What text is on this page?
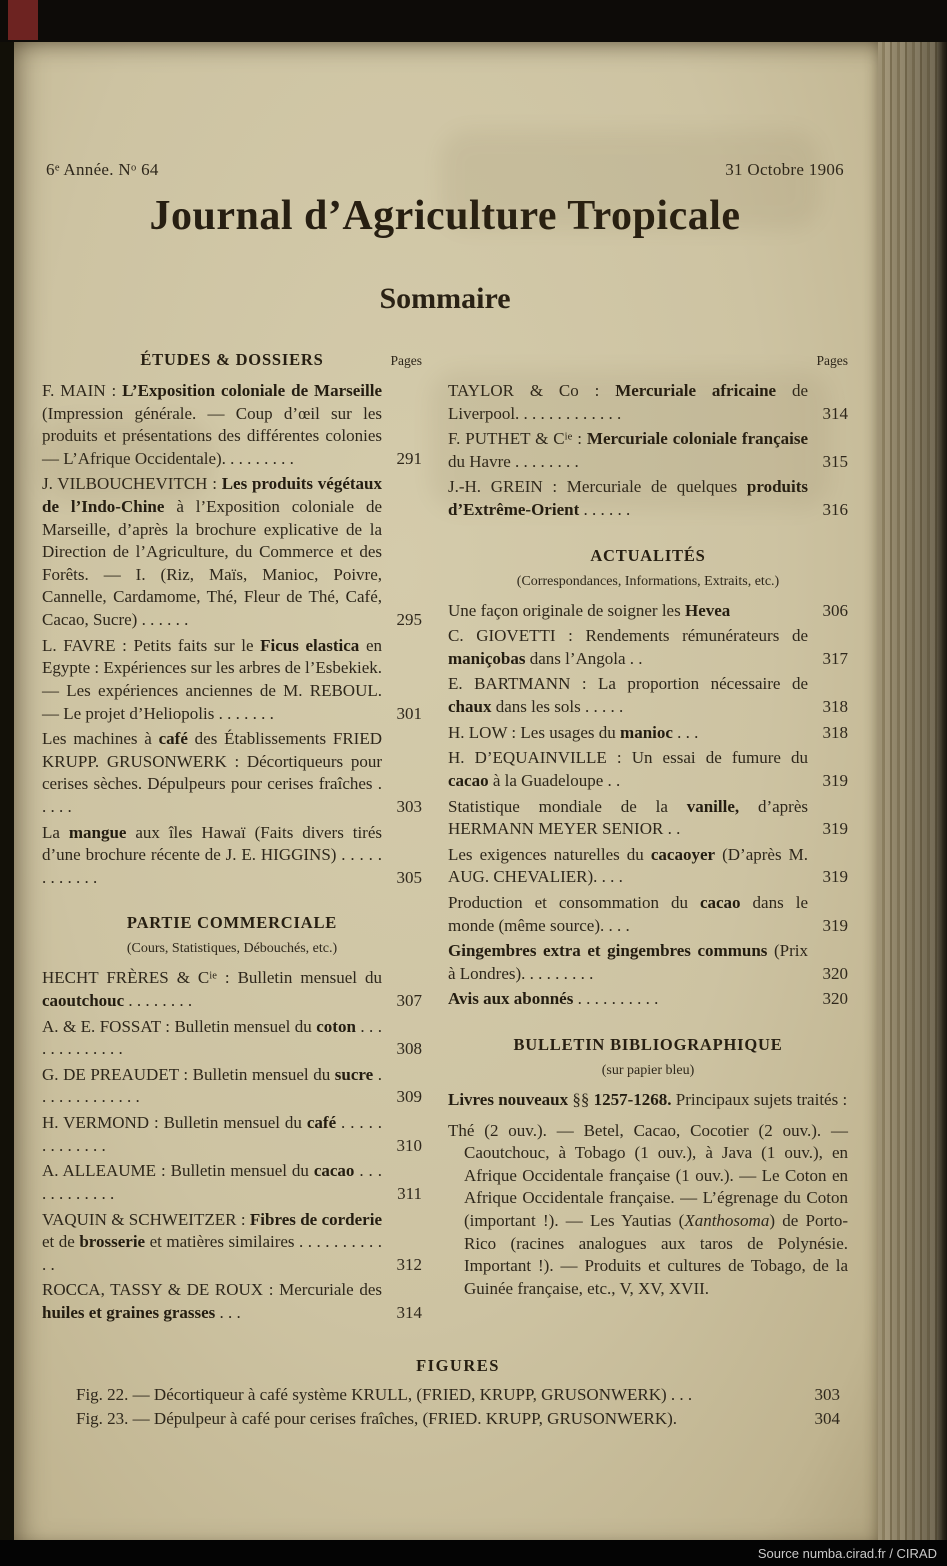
6e Année. $N^o$ 64	31 Octobre 1906
Journal d’Agriculture Tropicale
Sommaire
ÉTUDES & DOSSIERS	Pages
F. MAIN : L’Exposition coloniale de Marseille (Impression générale. — Coup d’œil sur les produits et présentations des différentes colonies — L’Afrique Occidentale). . . . . . . . .	291
J. VILBOUCHEVITCH : Les produits végétaux de l’Indo-Chine à l’Exposition coloniale de Marseille, d’après la brochure explicative de la Direction de l’Agriculture, du Commerce et des Forêts. — I. (Riz, Maïs, Manioc, Poivre, Cannelle, Cardamome, Thé, Fleur de Thé, Café, Cacao, Sucre) . . . . . .	295
L. FAVRE : Petits faits sur le Ficus elastica en Egypte : Expériences sur les arbres de l’Esbekiek. — Les expériences anciennes de M. REBOUL. — Le projet d’Heliopolis . . . . . . .	301
Les machines à café des Établissements FRIED KRUPP. GRUSONWERK : Décortiqueurs pour cerises sèches. Dépulpeurs pour cerises fraîches . . . . .	303
La mangue aux îles Hawaï (Faits divers tirés d’une brochure récente de J. E. HIGGINS) . . . . . . . . . . . .	305
PARTIE COMMERCIALE
(Cours, Statistiques, Débouchés, etc.)
HECHT FRÈRES & $C^{ie}$ : Bulletin mensuel du caoutchouc . . . . . . . .	307
A. & E. FOSSAT : Bulletin mensuel du coton . . . . . . . . . . . . .	308
G. DE PREAUDET : Bulletin mensuel du sucre . . . . . . . . . . . . .	309
H. VERMOND : Bulletin mensuel du café . . . . . . . . . . . . .	310
A. ALLEAUME : Bulletin mensuel du cacao . . . . . . . . . . . .	311
VAQUIN & SCHWEITZER : Fibres de corderie et de brosserie et matières similaires . . . . . . . . . . . .	312
ROCCA, TASSY & DE ROUX : Mercuriale des huiles et graines grasses . . .	314
Pages
TAYLOR & Co : Mercuriale africaine de Liverpool. . . . . . . . . . . . .	314
F. PUTHET & $C^{ie}$ : Mercuriale coloniale française du Havre . . . . . . . .	315
J.-H. GREIN : Mercuriale de quelques produits d’Extrême-Orient . . . . . .	316
ACTUALITÉS
(Correspondances, Informations, Extraits, etc.)
Une façon originale de soigner les Hevea	306
C. GIOVETTI : Rendements rémunérateurs de maniçobas dans l’Angola . .	317
E. BARTMANN : La proportion nécessaire de chaux dans les sols . . . . .	318
H. LOW : Les usages du manioc . . .	318
H. D’EQUAINVILLE : Un essai de fumure du cacao à la Guadeloupe . .	319
Statistique mondiale de la vanille, d’après HERMANN MEYER SENIOR . .	319
Les exigences naturelles du cacaoyer (D’après M. AUG. CHEVALIER). . . .	319
Production et consommation du cacao dans le monde (même source). . . .	319
Gingembres extra et gingembres communs (Prix à Londres). . . . . . . . .	320
Avis aux abonnés . . . . . . . . . .	320
BULLETIN BIBLIOGRAPHIQUE
(sur papier bleu)
Livres nouveaux §§ 1257-1268. Principaux sujets traités :
Thé (2 ouv.). — Betel, Cacao, Cocotier (2 ouv.). — Caoutchouc, à Tobago (1 ouv.), à Java (1 ouv.), en Afrique Occidentale française (1 ouv.). — Le Coton en Afrique Occidentale française. — L’égrenage du Coton (important !). — Les Yautias (Xanthosoma) de Porto-Rico (racines analogues aux taros de Polynésie. Important !). — Produits et cultures de Tobago, de la Guinée française, etc., V, XV, XVII.
FIGURES
Fig. 22. — Décortiqueur à café système KRULL, (FRIED, KRUPP, GRUSONWERK) . . .	303
Fig. 23. — Dépulpeur à café pour cerises fraîches, (FRIED. KRUPP, GRUSONWERK).	304
Source numba.cirad.fr / CIRAD
